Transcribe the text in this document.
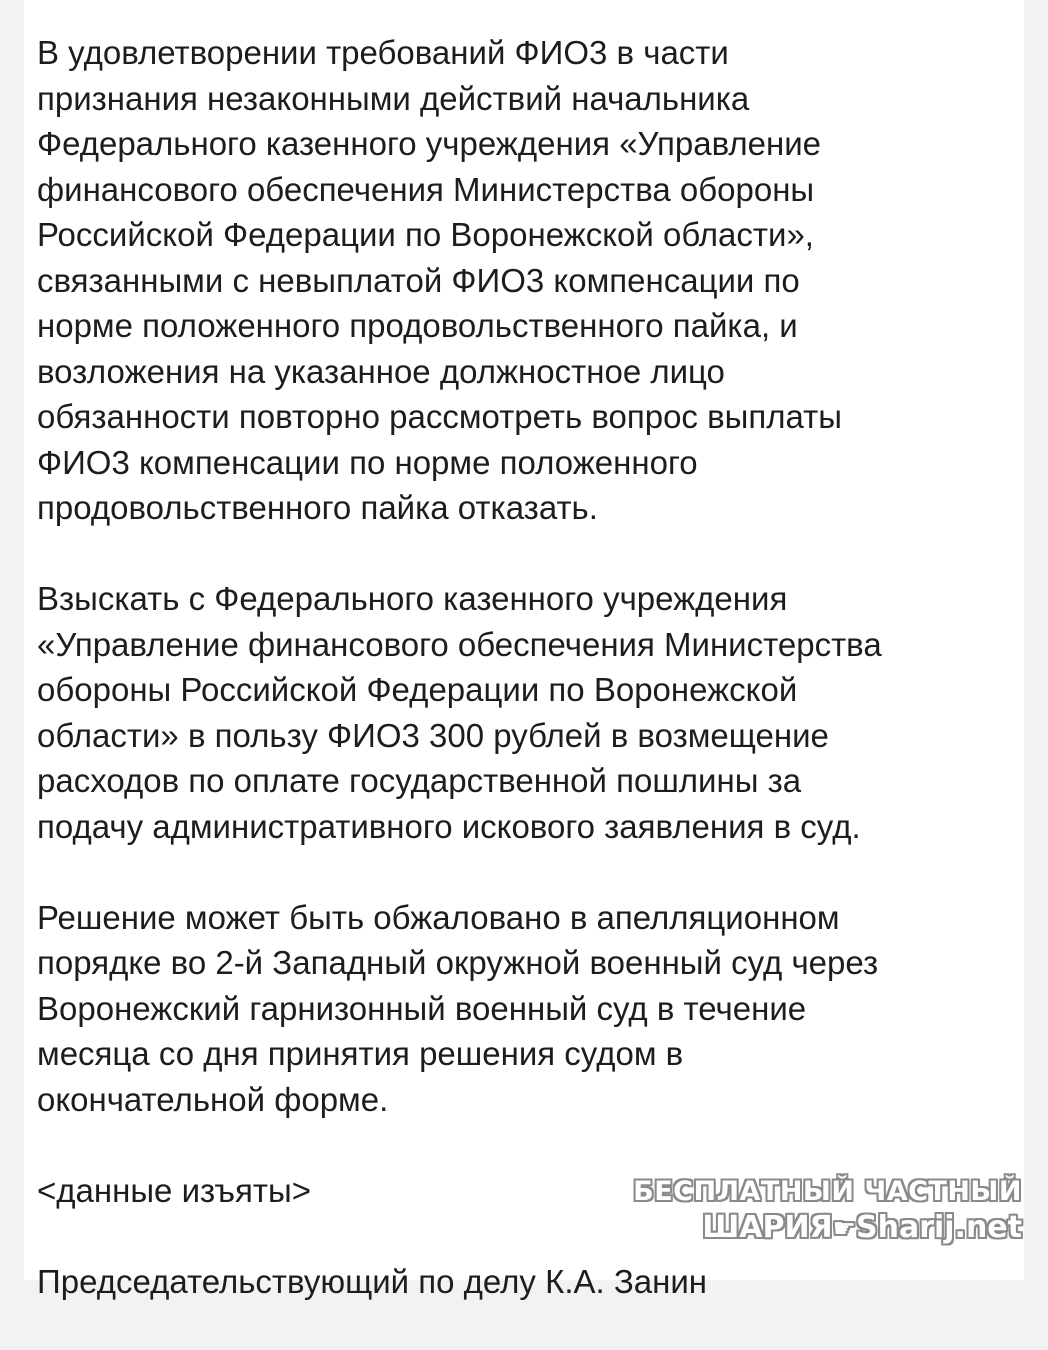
В удовлетворении требований ФИО3 в части
признания незаконными действий начальника
Федерального казенного учреждения «Управление
финансового обеспечения Министерства обороны
Российской Федерации по Воронежской области»,
связанными с невыплатой ФИО3 компенсации по
норме положенного продовольственного пайка, и
возложения на указанное должностное лицо
обязанности повторно рассмотреть вопрос выплаты
ФИО3 компенсации по норме положенного
продовольственного пайка отказать.

Взыскать с Федерального казенного учреждения
«Управление финансового обеспечения Министерства
обороны Российской Федерации по Воронежской
области» в пользу ФИО3 300 рублей в возмещение
расходов по оплате государственной пошлины за
подачу административного искового заявления в суд.

Решение может быть обжаловано в апелляционном
порядке во 2-й Западный окружной военный суд через
Воронежский гарнизонный военный суд в течение
месяца со дня принятия решения судом в
окончательной форме.

<данные изъяты>

Председательствующий по делу К.А. Занин

БЕСПЛАТНЫЙ ЧАСТНЫЙ
ШАРИЯ☛Sharij.net
